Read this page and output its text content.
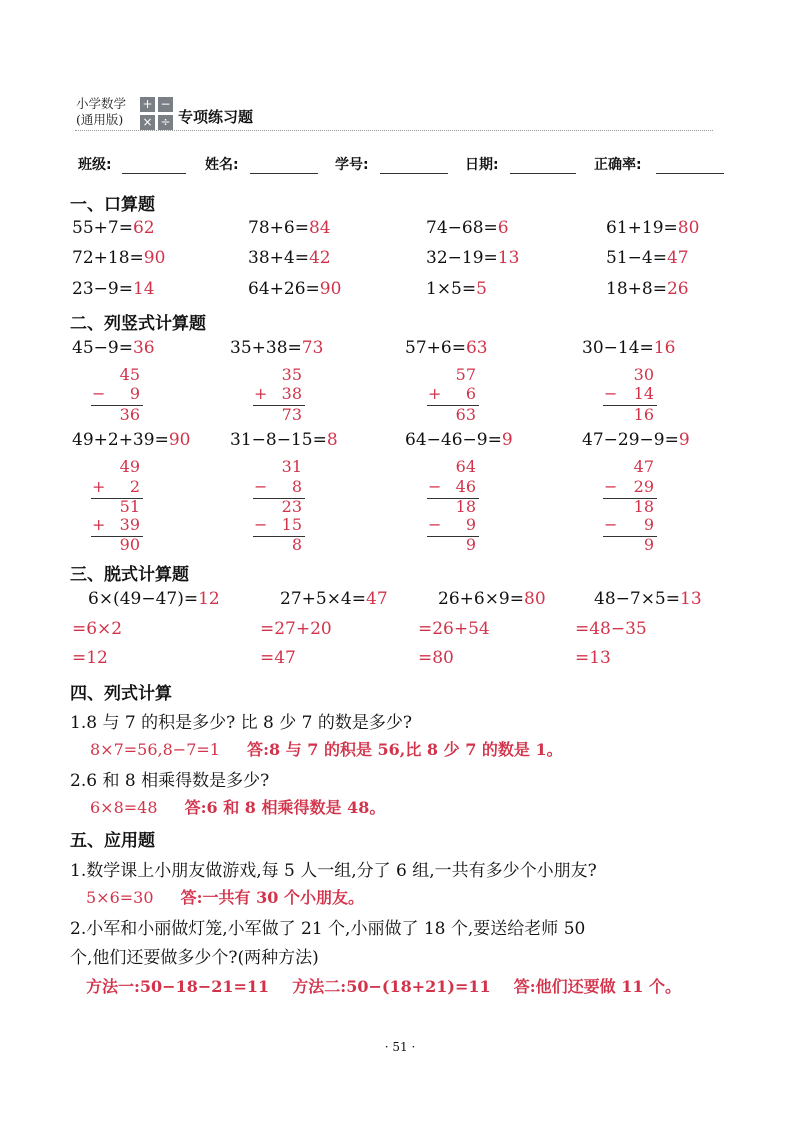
小学数学
(通用版)
+ −
× ÷ 专项练习题
班级:	姓名:	学号:	日期:	正确率:
一、口算题
55+7=62	78+6=84	74−68=6	61+19=80
72+18=90	38+4=42	32−19=13	51−4=47
23−9=14	64+26=90	1×5=5	18+8=26
二、列竖式计算题
45−9=36	35+38=73	57+6=63	30−14=16
45
− 9
36
35
+ 38
73
57
+ 6
63
30
− 14
16
49+2+39=90 31−8−15=8	64−46−9=9	47−29−9=9
49
+ 2
51
+ 39
90
31
− 8
23
− 15
8
64
− 46
18
− 9
9
47
− 29
18
− 9
9
三、脱式计算题
6×(49−47)=12	27+5×4=47	26+6×9=80	48−7×5=13
=6×2	=27+20	=26+54	=48−35
=12	=47	=80	=13
四、列式计算
1.8 与 7 的积是多少? 比 8 少 7 的数是多少?
8×7=56,8−7=1 答:8 与 7 的积是 56,比 8 少 7 的数是 1。
2.6 和 8 相乘得数是多少?
6×8=48 答:6 和 8 相乘得数是 48。
五、应用题
1.数学课上小朋友做游戏,每 5 人一组,分了 6 组,一共有多少个小朋友?
5×6=30 答:一共有 30 个小朋友。
2.小军和小丽做灯笼,小军做了 21 个,小丽做了 18 个,要送给老师 50
个,他们还要做多少个?(两种方法)
方法一:50−18−21=11 方法二:50−(18+21)=11 答:他们还要做 11 个。
· 51 ·
